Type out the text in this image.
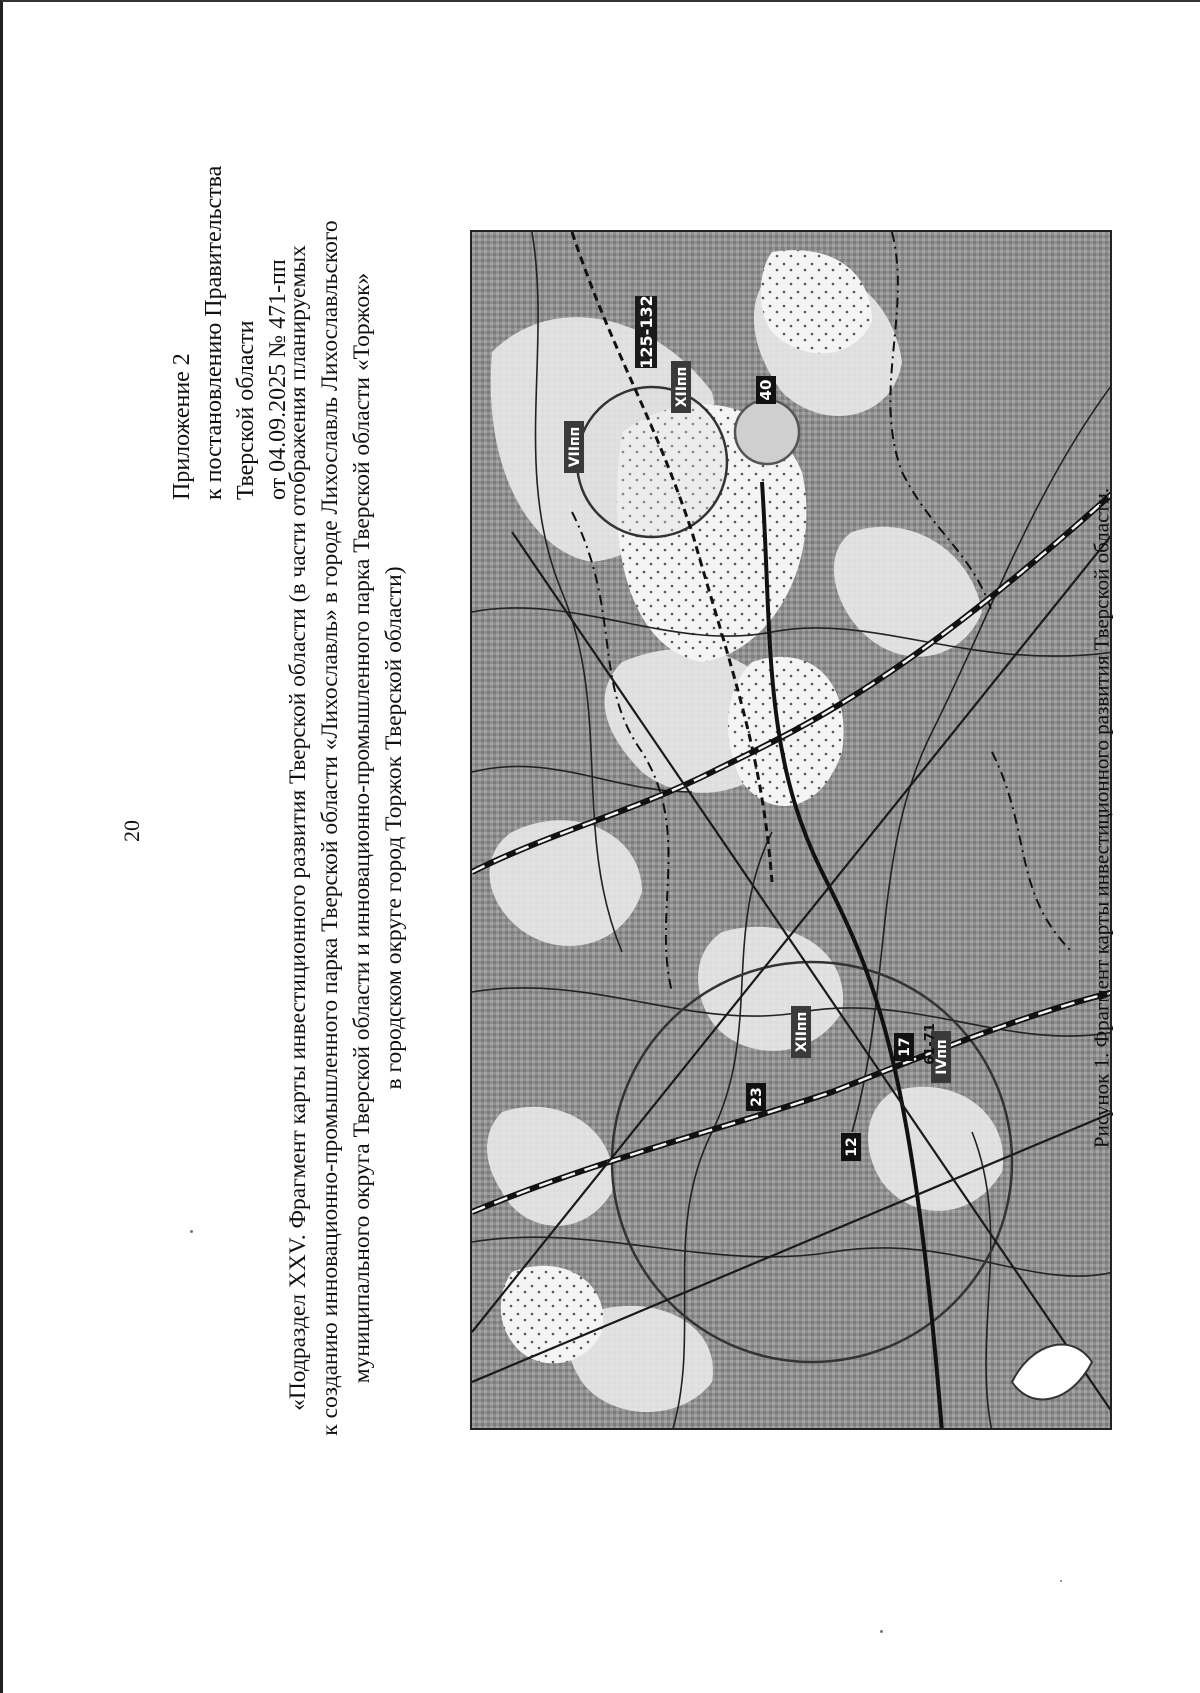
20
Приложение 2 к постановлению Правительства Тверской области от 04.09.2025 № 471-пп
«Подраздел XXV. Фрагмент карты инвестиционного развития Тверской области (в части отображения планируемых к созданию инновационно-промышленного парка Тверской области «Лихославль» в городе Лихославль Лихославльского муниципального округа Тверской области и инновационно-промышленного парка Тверской области «Торжок» в городском округе город Торжок Тверской области)
125-132
XIIпп
VIIпп
40
XIIпп
IVпп
17 61-71
23
12	Рисунок 1. Фрагмент карты инвестиционного развития Тверской области.
